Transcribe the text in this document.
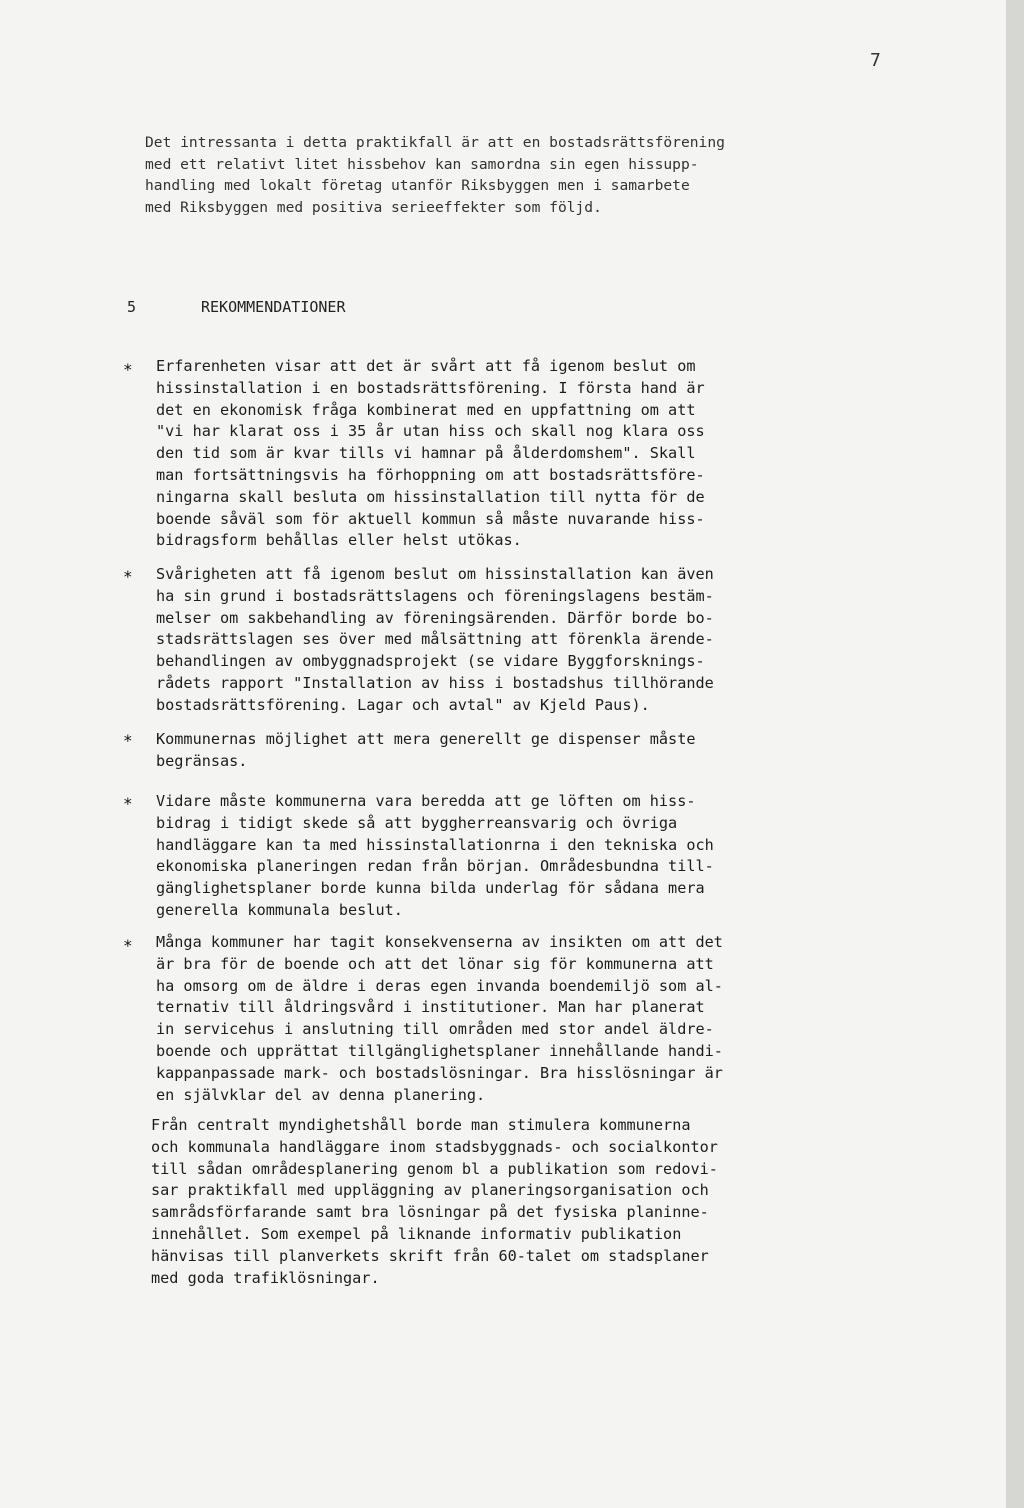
7

Det intressanta i detta praktikfall är att en bostadsrättsförening
med ett relativt litet hissbehov kan samordna sin egen hissupp-
handling med lokalt företag utanför Riksbyggen men i samarbete
med Riksbyggen med positiva serieeffekter som följd.

5	REKOMMENDATIONER
* Erfarenheten visar att det är svårt att få igenom beslut om
hissinstallation i en bostadsrättsförening. I första hand är
det en ekonomisk fråga kombinerat med en uppfattning om att
"vi har klarat oss i 35 år utan hiss och skall nog klara oss
den tid som är kvar tills vi hamnar på ålderdomshem". Skall
man fortsättningsvis ha förhoppning om att bostadsrättsföre-
ningarna skall besluta om hissinstallation till nytta för de
boende såväl som för aktuell kommun så måste nuvarande hiss-
bidragsform behållas eller helst utökas.

* Svårigheten att få igenom beslut om hissinstallation kan även
ha sin grund i bostadsrättslagens och föreningslagens bestäm-
melser om sakbehandling av föreningsärenden. Därför borde bo-
stadsrättslagen ses över med målsättning att förenkla ärende-
behandlingen av ombyggnadsprojekt (se vidare Byggforsknings-
rådets rapport "Installation av hiss i bostadshus tillhörande
bostadsrättsförening. Lagar och avtal" av Kjeld Paus).

* Kommunernas möjlighet att mera generellt ge dispenser måste
begränsas.

* Vidare måste kommunerna vara beredda att ge löften om hiss-
bidrag i tidigt skede så att byggherreansvarig och övriga
handläggare kan ta med hissinstallationrna i den tekniska och
ekonomiska planeringen redan från början. Områdesbundna till-
gänglighetsplaner borde kunna bilda underlag för sådana mera
generella kommunala beslut.

* Många kommuner har tagit konsekvenserna av insikten om att det
är bra för de boende och att det lönar sig för kommunerna att
ha omsorg om de äldre i deras egen invanda boendemiljö som al-
ternativ till åldringsvård i institutioner. Man har planerat
in servicehus i anslutning till områden med stor andel äldre-
boende och upprättat tillgänglighetsplaner innehållande handi-
kappanpassade mark- och bostadslösningar. Bra hisslösningar är
en självklar del av denna planering.

Från centralt myndighetshåll borde man stimulera kommunerna
och kommunala handläggare inom stadsbyggnads- och socialkontor
till sådan områdesplanering genom bl a publikation som redovi-
sar praktikfall med uppläggning av planeringsorganisation och
samrådsförfarande samt bra lösningar på det fysiska planinne-
innehållet. Som exempel på liknande informativ publikation
hänvisas till planverkets skrift från 60-talet om stadsplaner
med goda trafiklösningar.
